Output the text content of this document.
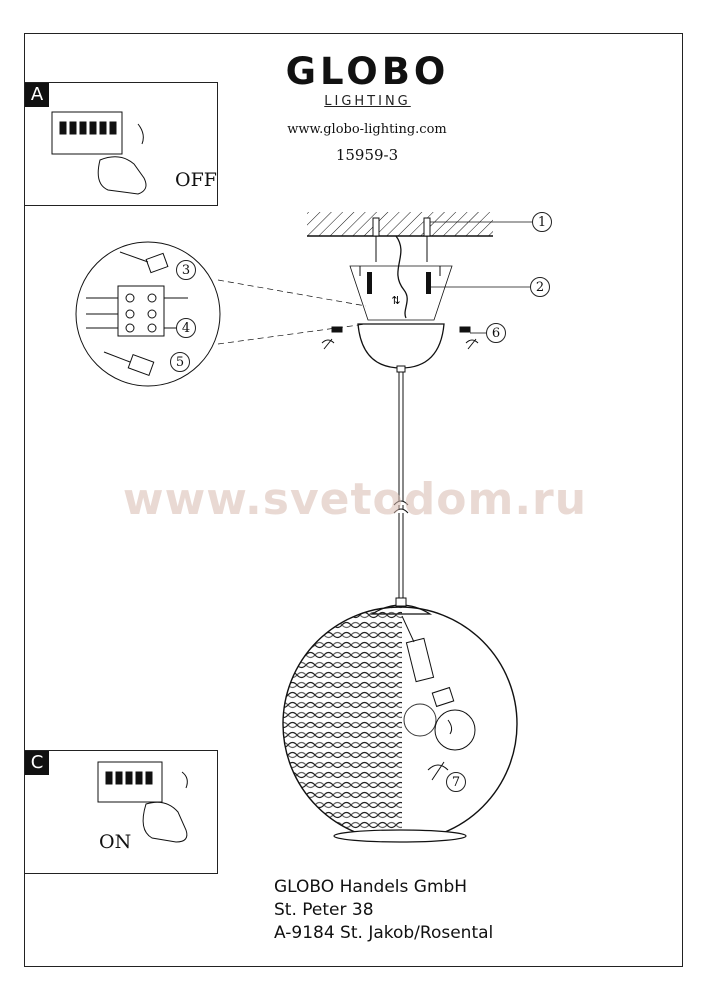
⇅
GLOBO
LIGHTING
www.globo-lighting.com
15959-3
A
OFF
C
ON
1
2
3
4
5
6
7
www.svetodom.ru
GLOBO Handels GmbH
St. Peter 38
A-9184 St. Jakob/Rosental
